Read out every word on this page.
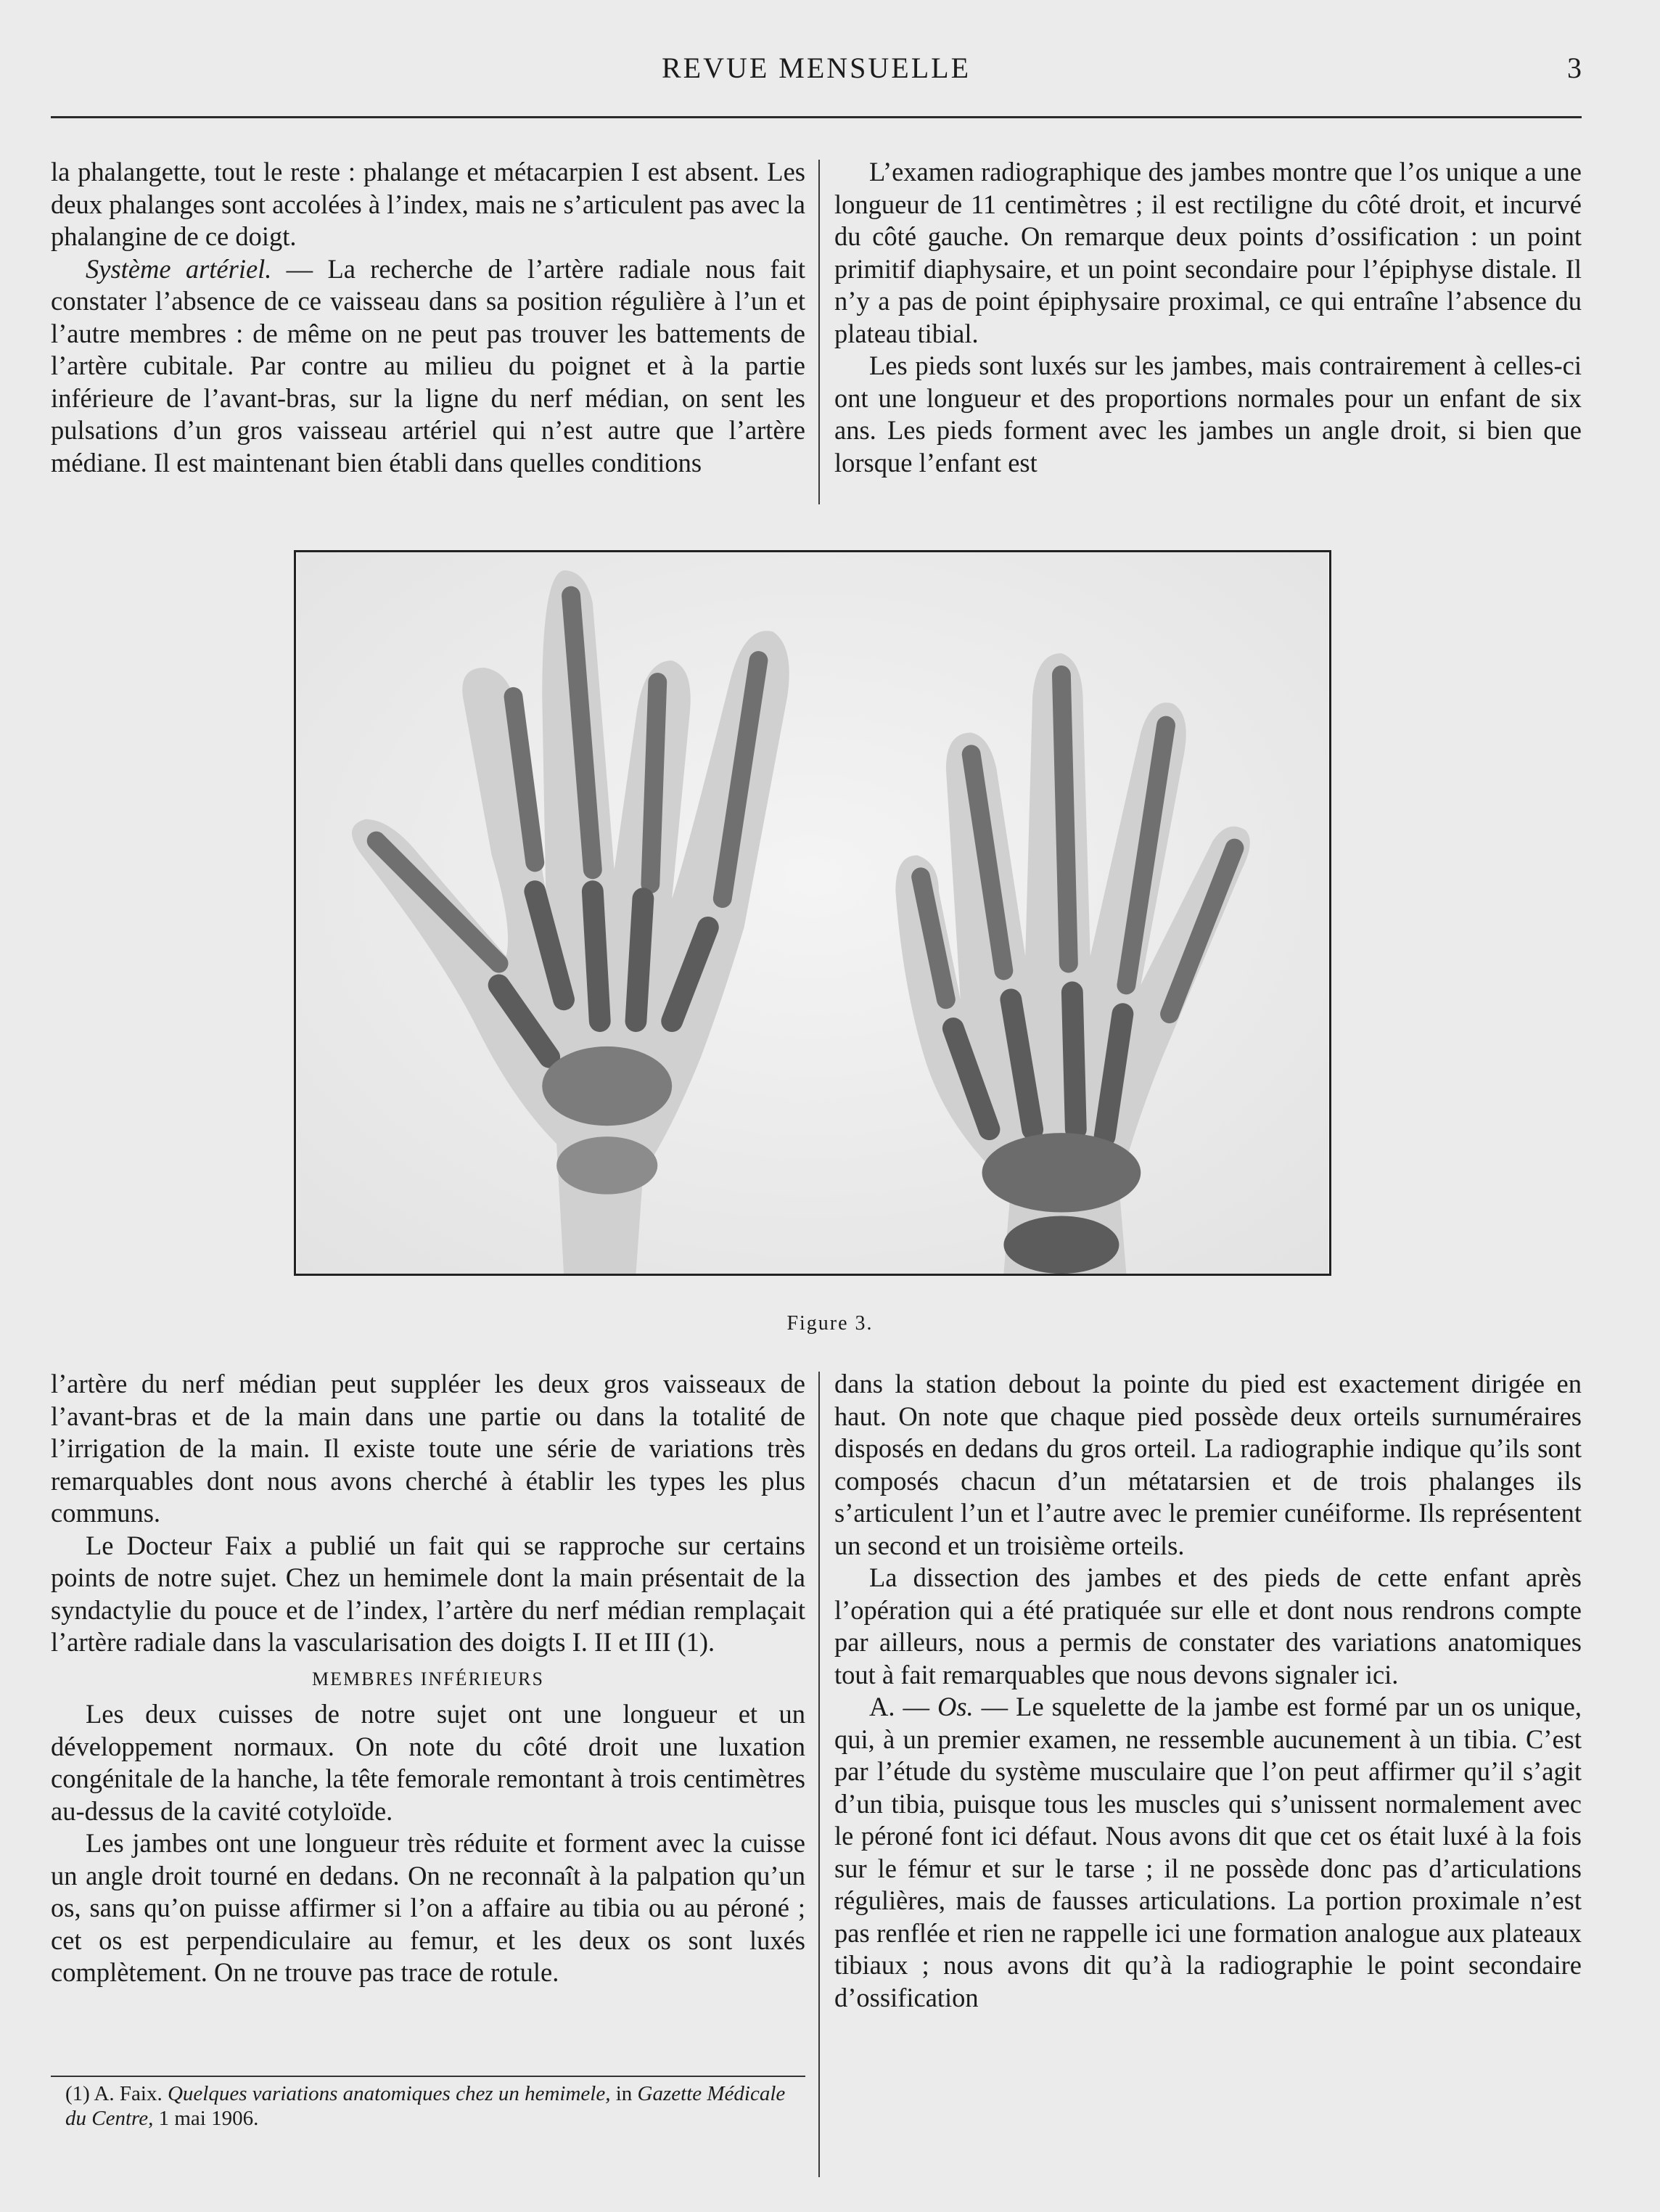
REVUE MENSUELLE	3

la phalangette, tout le reste : phalange et métacarpien I est absent. Les deux phalanges sont accolées à l’index, mais ne s’articulent pas avec la phalangine de ce doigt.

Système artériel. — La recherche de l’artère radiale nous fait constater l’absence de ce vaisseau dans sa position régulière à l’un et l’autre membres : de même on ne peut pas trouver les battements de l’artère cubitale. Par contre au milieu du poignet et à la partie inférieure de l’avant-bras, sur la ligne du nerf médian, on sent les pulsations d’un gros vaisseau artériel qui n’est autre que l’artère médiane. Il est maintenant bien établi dans quelles conditions

L’examen radiographique des jambes montre que l’os unique a une longueur de 11 centimètres ; il est rectiligne du côté droit, et incurvé du côté gauche. On remarque deux points d’ossification : un point primitif diaphysaire, et un point secondaire pour l’épiphyse distale. Il n’y a pas de point épiphysaire proximal, ce qui entraîne l’absence du plateau tibial.

Les pieds sont luxés sur les jambes, mais contrairement à celles-ci ont une longueur et des proportions normales pour un enfant de six ans. Les pieds forment avec les jambes un angle droit, si bien que lorsque l’enfant est

Figure 3.

l’artère du nerf médian peut suppléer les deux gros vaisseaux de l’avant-bras et de la main dans une partie ou dans la totalité de l’irrigation de la main. Il existe toute une série de variations très remarquables dont nous avons cherché à établir les types les plus communs.

Le Docteur Faix a publié un fait qui se rapproche sur certains points de notre sujet. Chez un hemimele dont la main présentait de la syndactylie du pouce et de l’index, l’artère du nerf médian remplaçait l’artère radiale dans la vascularisation des doigts I. II et III (1).

MEMBRES INFÉRIEURS

Les deux cuisses de notre sujet ont une longueur et un développement normaux. On note du côté droit une luxation congénitale de la hanche, la tête femorale remontant à trois centimètres au-dessus de la cavité cotyloïde.

Les jambes ont une longueur très réduite et forment avec la cuisse un angle droit tourné en dedans. On ne reconnaît à la palpation qu’un os, sans qu’on puisse affirmer si l’on a affaire au tibia ou au péroné ; cet os est perpendiculaire au femur, et les deux os sont luxés complètement. On ne trouve pas trace de rotule.

dans la station debout la pointe du pied est exactement dirigée en haut. On note que chaque pied possède deux orteils surnuméraires disposés en dedans du gros orteil. La radiographie indique qu’ils sont composés chacun d’un métatarsien et de trois phalanges ils s’articulent l’un et l’autre avec le premier cunéiforme. Ils représentent un second et un troisième orteils.

La dissection des jambes et des pieds de cette enfant après l’opération qui a été pratiquée sur elle et dont nous rendrons compte par ailleurs, nous a permis de constater des variations anatomiques tout à fait remarquables que nous devons signaler ici.

A. — Os. — Le squelette de la jambe est formé par un os unique, qui, à un premier examen, ne ressemble aucunement à un tibia. C’est par l’étude du système musculaire que l’on peut affirmer qu’il s’agit d’un tibia, puisque tous les muscles qui s’unissent normalement avec le péroné font ici défaut. Nous avons dit que cet os était luxé à la fois sur le fémur et sur le tarse ; il ne possède donc pas d’articulations régulières, mais de fausses articulations. La portion proximale n’est pas renflée et rien ne rappelle ici une formation analogue aux plateaux tibiaux ; nous avons dit qu’à la radiographie le point secondaire d’ossification

(1) A. Faix. Quelques variations anatomiques chez un hemimele, in Gazette Médicale du Centre, 1 mai 1906.
